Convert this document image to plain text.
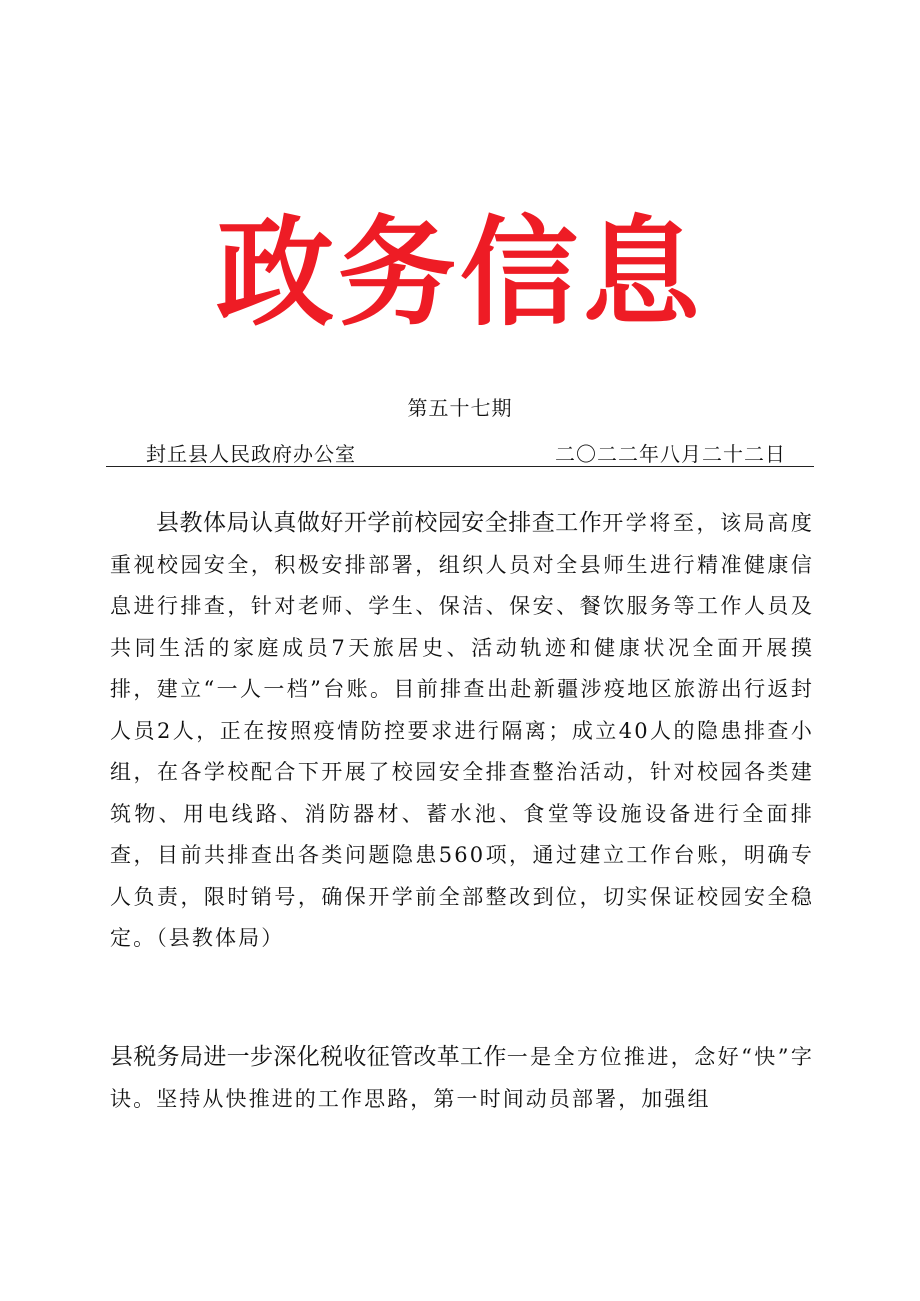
政务信息
第五十七期
封丘县人民政府办公室	二〇二二年八月二十二日
县教体局认真做好开学前校园安全排查工作开学将至，该局高度重视校园安全，积极安排部署，组织人员对全县师生进行精准健康信息进行排查，针对老师、学生、保洁、保安、餐饮服务等工作人员及共同生活的家庭成员7天旅居史、活动轨迹和健康状况全面开展摸排，建立“一人一档”台账。目前排查出赴新疆涉疫地区旅游出行返封人员2人，正在按照疫情防控要求进行隔离；成立40人的隐患排查小组，在各学校配合下开展了校园安全排查整治活动，针对校园各类建筑物、用电线路、消防器材、蓄水池、食堂等设施设备进行全面排查，目前共排查出各类问题隐患560项，通过建立工作台账，明确专人负责，限时销号，确保开学前全部整改到位，切实保证校园安全稳定。（县教体局）
县税务局进一步深化税收征管改革工作一是全方位推进，念好“快”字诀。坚持从快推进的工作思路，第一时间动员部署，加强组
